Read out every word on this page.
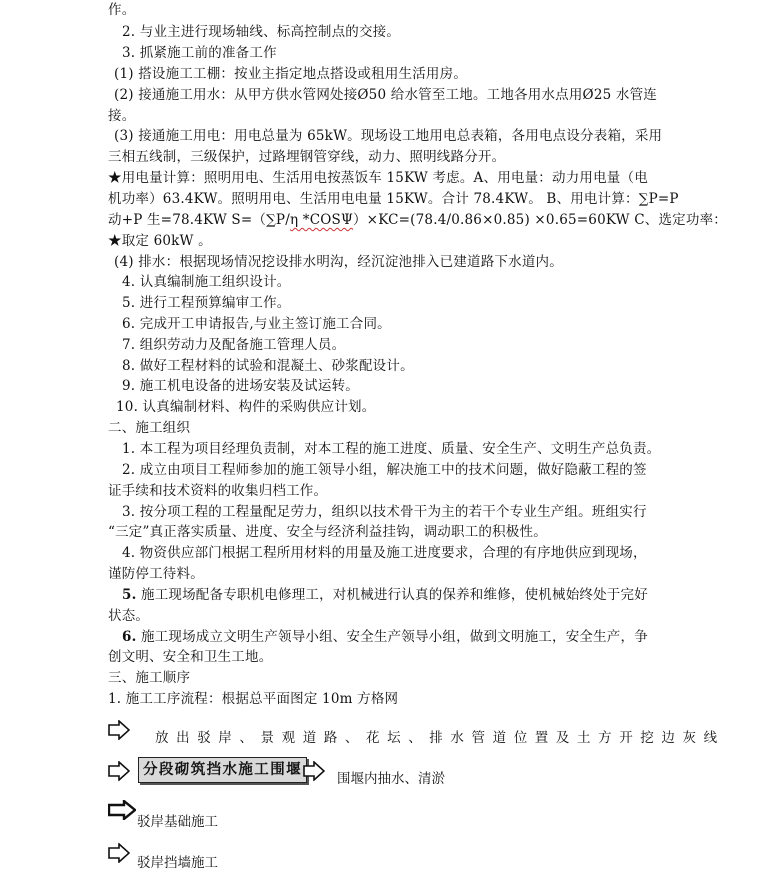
作。
2. 与业主进行现场轴线、标高控制点的交接。
3. 抓紧施工前的准备工作
(1) 搭设施工工棚：按业主指定地点搭设或租用生活用房。
(2) 接通施工用水：从甲方供水管网处接Ø50 给水管至工地。工地各用水点用Ø25 水管连
接。
(3) 接通施工用电：用电总量为 65kW。现场设工地用电总表箱，各用电点设分表箱，采用
三相五线制，三级保护，过路埋钢管穿线，动力、照明线路分开。
★用电量计算：照明用电、生活用电按蒸饭车 15KW 考虑。A、用电量：动力用电量（电
机功率）63.4KW。照明用电、生活用电电量 15KW。合计 78.4KW。 B、用电计算：∑P=P
动+P 生=78.4KW S=（∑P/η *COSΨ）×KC=(78.4/0.86×0.85) ×0.65=60KW C、选定功率：
★取定 60kW 。
(4) 排水：根据现场情况挖设排水明沟，经沉淀池排入已建道路下水道内。
4. 认真编制施工组织设计。
5. 进行工程预算编审工作。
6. 完成开工申请报告,与业主签订施工合同。
7. 组织劳动力及配备施工管理人员。
8. 做好工程材料的试验和混凝土、砂浆配设计。
9. 施工机电设备的进场安装及试运转。
10. 认真编制材料、构件的采购供应计划。
二、施工组织
1. 本工程为项目经理负责制，对本工程的施工进度、质量、安全生产、文明生产总负责。
2. 成立由项目工程师参加的施工领导小组，解决施工中的技术问题，做好隐蔽工程的签
证手续和技术资料的收集归档工作。
3. 按分项工程的工程量配足劳力，组织以技术骨干为主的若干个专业生产组。班组实行
“三定”真正落实质量、进度、安全与经济利益挂钩，调动职工的积极性。
4. 物资供应部门根据工程所用材料的用量及施工进度要求，合理的有序地供应到现场，
谨防停工待料。
5. 施工现场配备专职机电修理工，对机械进行认真的保养和维修，使机械始终处于完好
状态。
6. 施工现场成立文明生产领导小组、安全生产领导小组，做到文明施工，安全生产，争
创文明、安全和卫生工地。
三、施工顺序
1. 施工工序流程：根据总平面图定 10m 方格网
放出驳岸、景观道路、花坛、排水管道位置及土方开挖边灰线
分段砌筑挡水施工围堰
围堰内抽水、清淤
驳岸基础施工
驳岸挡墙施工
